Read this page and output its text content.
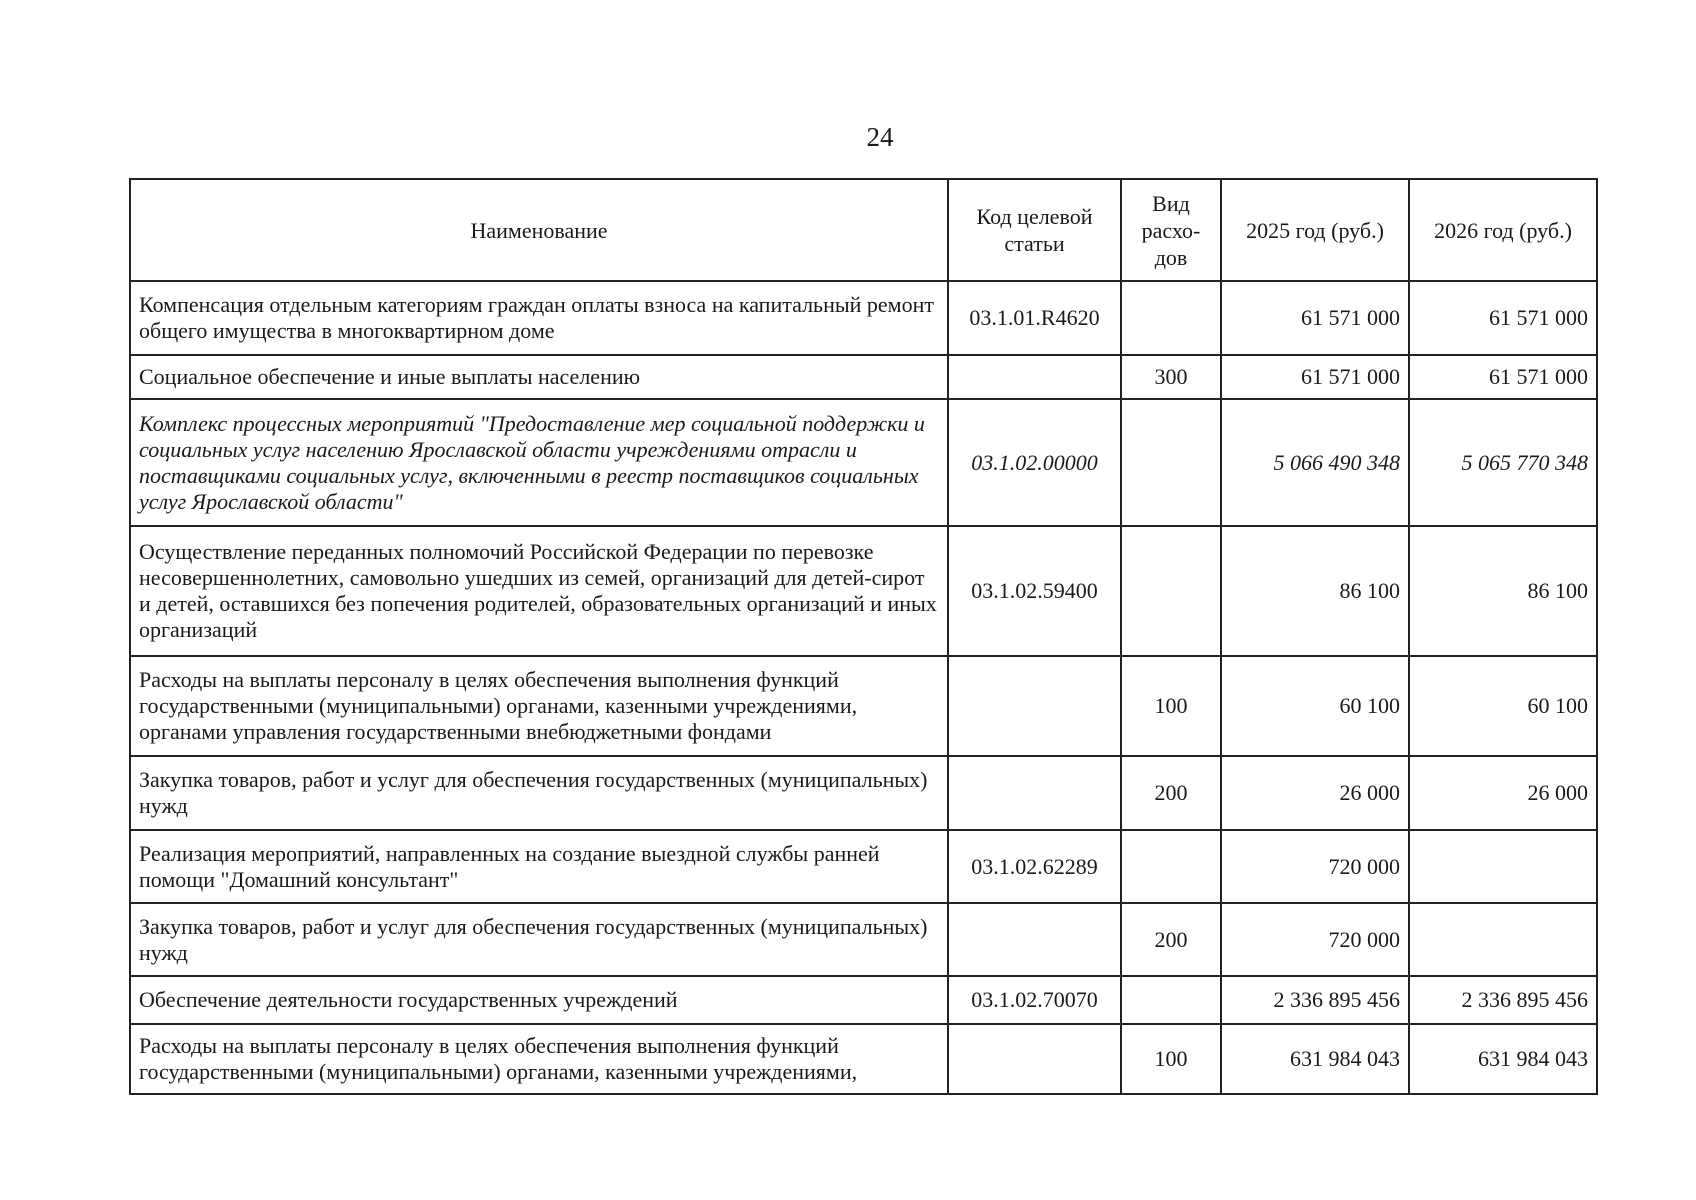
24
Наименование	Код целевой статьи	Вид расхо-дов	2025 год (руб.)	2026 год (руб.)
Компенсация отдельным категориям граждан оплаты взноса на капитальный ремонт общего имущества в многоквартирном доме	03.1.01.R4620		61 571 000	61 571 000
Социальное обеспечение и иные выплаты населению		300	61 571 000	61 571 000
Комплекс процессных мероприятий "Предоставление мер социальной поддержки и социальных услуг населению Ярославской области учреждениями отрасли и поставщиками социальных услуг, включенными в реестр поставщиков социальных услуг Ярославской области"	03.1.02.00000		5 066 490 348	5 065 770 348
Осуществление переданных полномочий Российской Федерации по перевозке несовершеннолетних, самовольно ушедших из семей, организаций для детей-сирот и детей, оставшихся без попечения родителей, образовательных организаций и иных организаций	03.1.02.59400		86 100	86 100
Расходы на выплаты персоналу в целях обеспечения выполнения функций государственными (муниципальными) органами, казенными учреждениями, органами управления государственными внебюджетными фондами		100	60 100	60 100
Закупка товаров, работ и услуг для обеспечения государственных (муниципальных) нужд		200	26 000	26 000
Реализация мероприятий, направленных на создание выездной службы ранней помощи "Домашний консультант"	03.1.02.62289		720 000	
Закупка товаров, работ и услуг для обеспечения государственных (муниципальных) нужд		200	720 000	
Обеспечение деятельности государственных учреждений	03.1.02.70070		2 336 895 456	2 336 895 456
Расходы на выплаты персоналу в целях обеспечения выполнения функций государственными (муниципальными) органами, казенными учреждениями,		100	631 984 043	631 984 043
